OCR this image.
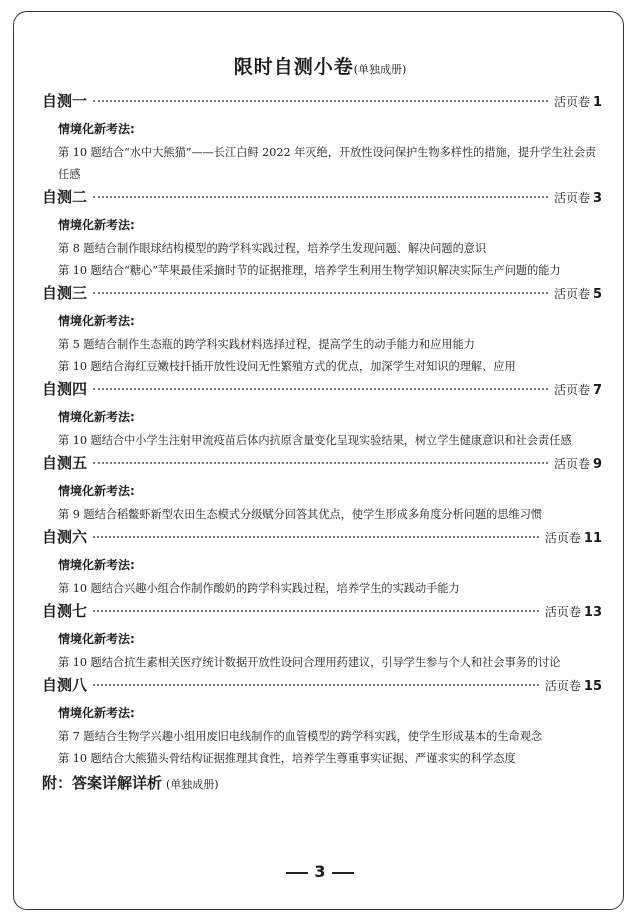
限时自测小卷(单独成册)
自测一	活页卷 1
情境化新考法:
第 10 题结合“水中大熊猫”——长江白鲟 2022 年灭绝，开放性设问保护生物多样性的措施，提升学生社会责任感
自测二	活页卷 3
情境化新考法:
第 8 题结合制作眼球结构模型的跨学科实践过程，培养学生发现问题、解决问题的意识
第 10 题结合“糖心”苹果最佳采摘时节的证据推理，培养学生利用生物学知识解决实际生产问题的能力
自测三	活页卷 5
情境化新考法:
第 5 题结合制作生态瓶的跨学科实践材料选择过程，提高学生的动手能力和应用能力
第 10 题结合海红豆嫩枝扦插开放性设问无性繁殖方式的优点，加深学生对知识的理解、应用
自测四	活页卷 7
情境化新考法:
第 10 题结合中小学生注射甲流疫苗后体内抗原含量变化呈现实验结果，树立学生健康意识和社会责任感
自测五	活页卷 9
情境化新考法:
第 9 题结合稻鳖虾新型农田生态模式分级赋分回答其优点，使学生形成多角度分析问题的思维习惯
自测六	活页卷 11
情境化新考法:
第 10 题结合兴趣小组合作制作酸奶的跨学科实践过程，培养学生的实践动手能力
自测七	活页卷 13
情境化新考法:
第 10 题结合抗生素相关医疗统计数据开放性设问合理用药建议，引导学生参与个人和社会事务的讨论
自测八	活页卷 15
情境化新考法:
第 7 题结合生物学兴趣小组用废旧电线制作的血管模型的跨学科实践，使学生形成基本的生命观念
第 10 题结合大熊猫头骨结构证据推理其食性，培养学生尊重事实证据、严谨求实的科学态度
附：答案详解详析 (单独成册)
3
